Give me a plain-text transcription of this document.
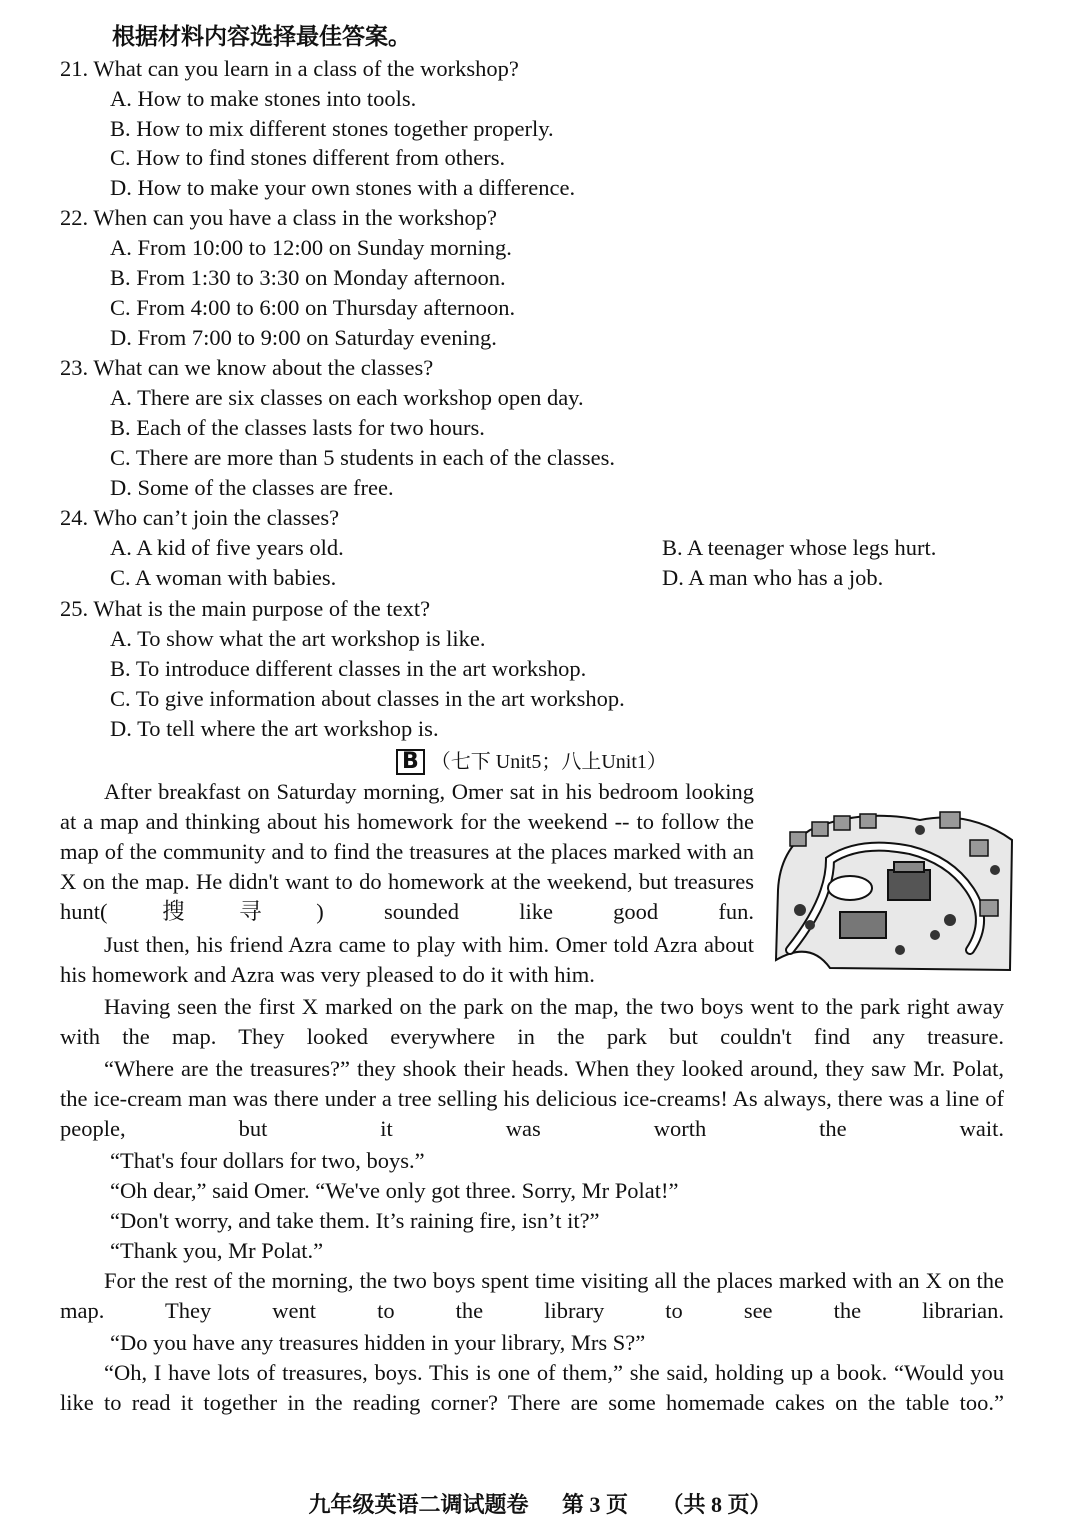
根据材料内容选择最佳答案。
21. What can you learn in a class of the workshop?
A. How to make stones into tools.
B. How to mix different stones together properly.
C. How to find stones different from others.
D. How to make your own stones with a difference.
22. When can you have a class in the workshop?
A. From 10:00 to 12:00 on Sunday morning.
B. From 1:30 to 3:30 on Monday afternoon.
C. From 4:00 to 6:00 on Thursday afternoon.
D. From 7:00 to 9:00 on Saturday evening.
23. What can we know about the classes?
A. There are six classes on each workshop open day.
B. Each of the classes lasts for two hours.
C. There are more than 5 students in each of the classes.
D. Some of the classes are free.
24. Who can’t join the classes?
A. A kid of five years old.	B. A teenager whose legs hurt.
C. A woman with babies.	D. A man who has a job.
25. What is the main purpose of the text?
A. To show what the art workshop is like.
B. To introduce different classes in the art workshop.
C. To give information about classes in the art workshop.
D. To tell where the art workshop is.
B （七下 Unit5；八上Unit1）
After breakfast on Saturday morning, Omer sat in his bedroom looking at a map and thinking about his homework for the weekend -- to follow the map of the community and to find the treasures at the places marked with an X on the map. He didn't want to do homework at the weekend, but treasures hunt(搜寻) sounded like good fun.
Just then, his friend Azra came to play with him. Omer told Azra about his homework and Azra was very pleased to do it with him.
Having seen the first X marked on the park on the map, the two boys went to the park right away with the map. They looked everywhere in the park but couldn't find any treasure.
“Where are the treasures?” they shook their heads. When they looked around, they saw Mr. Polat, the ice-cream man was there under a tree selling his delicious ice-creams! As always, there was a line of people, but it was worth the wait.
“That's four dollars for two, boys.”
“Oh dear,” said Omer. “We've only got three. Sorry, Mr Polat!”
“Don't worry, and take them. It’s raining fire, isn’t it?”
“Thank you, Mr Polat.”
For the rest of the morning, the two boys spent time visiting all the places marked with an X on the map. They went to the library to see the librarian.
“Do you have any treasures hidden in your library, Mrs S?”
“Oh, I have lots of treasures, boys. This is one of them,” she said, holding up a book. “Would you like to read it together in the reading corner? There are some homemade cakes on the table too.”
九年级英语二调试题卷 第 3 页 （共 8 页）
